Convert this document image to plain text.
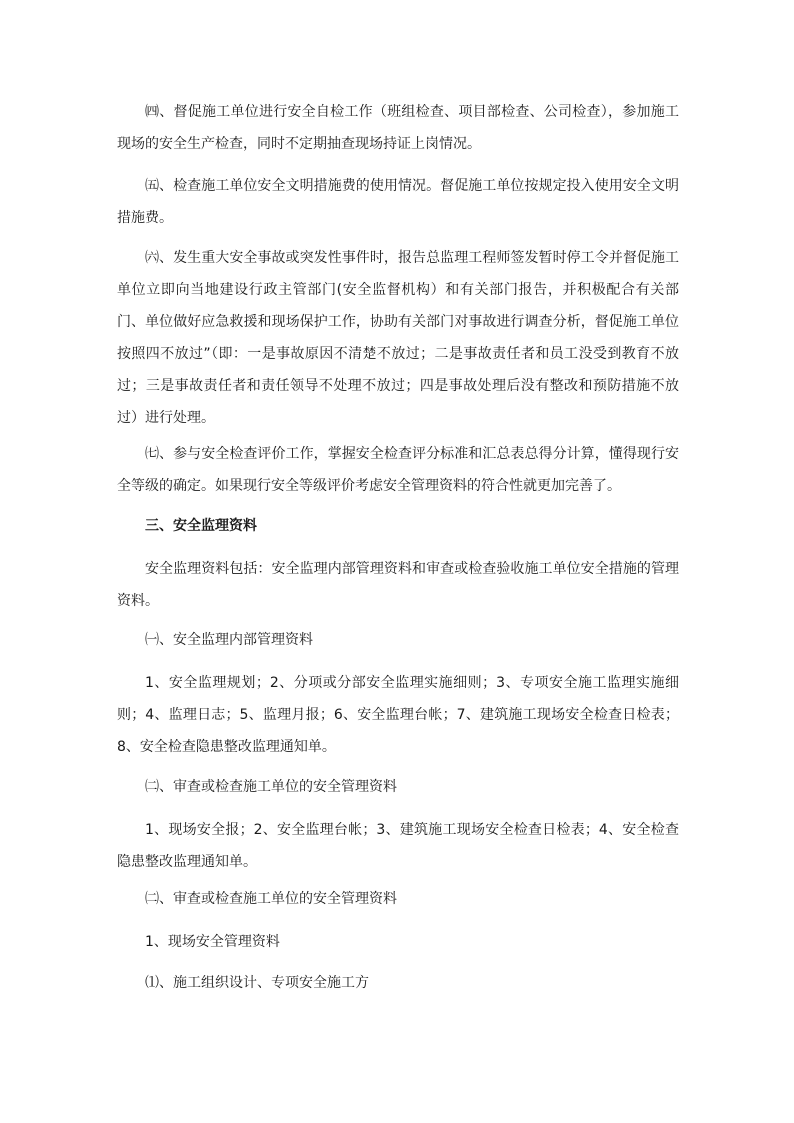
㈣、督促施工单位进行安全自检工作（班组检查、项目部检查、公司检查），参加施工现场的安全生产检查，同时不定期抽查现场持证上岗情况。

㈤、检查施工单位安全文明措施费的使用情况。督促施工单位按规定投入使用安全文明措施费。

㈥、发生重大安全事故或突发性事件时，报告总监理工程师签发暂时停工令并督促施工单位立即向当地建设行政主管部门(安全监督机构）和有关部门报告，并积极配合有关部门、单位做好应急救援和现场保护工作，协助有关部门对事故进行调查分析，督促施工单位按照四不放过”（即：一是事故原因不清楚不放过；二是事故责任者和员工没受到教育不放过；三是事故责任者和责任领导不处理不放过；四是事故处理后没有整改和预防措施不放过）进行处理。

㈦、参与安全检查评价工作，掌握安全检查评分标准和汇总表总得分计算，懂得现行安全等级的确定。如果现行安全等级评价考虑安全管理资料的符合性就更加完善了。

三、安全监理资料

安全监理资料包括：安全监理内部管理资料和审查或检查验收施工单位安全措施的管理资料。

㈠、安全监理内部管理资料

1、安全监理规划；2、分项或分部安全监理实施细则；3、专项安全施工监理实施细则；4、监理日志；5、监理月报；6、安全监理台帐；7、建筑施工现场安全检查日检表；8、安全检查隐患整改监理通知单。

㈡、审查或检查施工单位的安全管理资料

1、现场安全报；2、安全监理台帐；3、建筑施工现场安全检查日检表；4、安全检查隐患整改监理通知单。

㈡、审查或检查施工单位的安全管理资料

1、现场安全管理资料

⑴、施工组织设计、专项安全施工方
